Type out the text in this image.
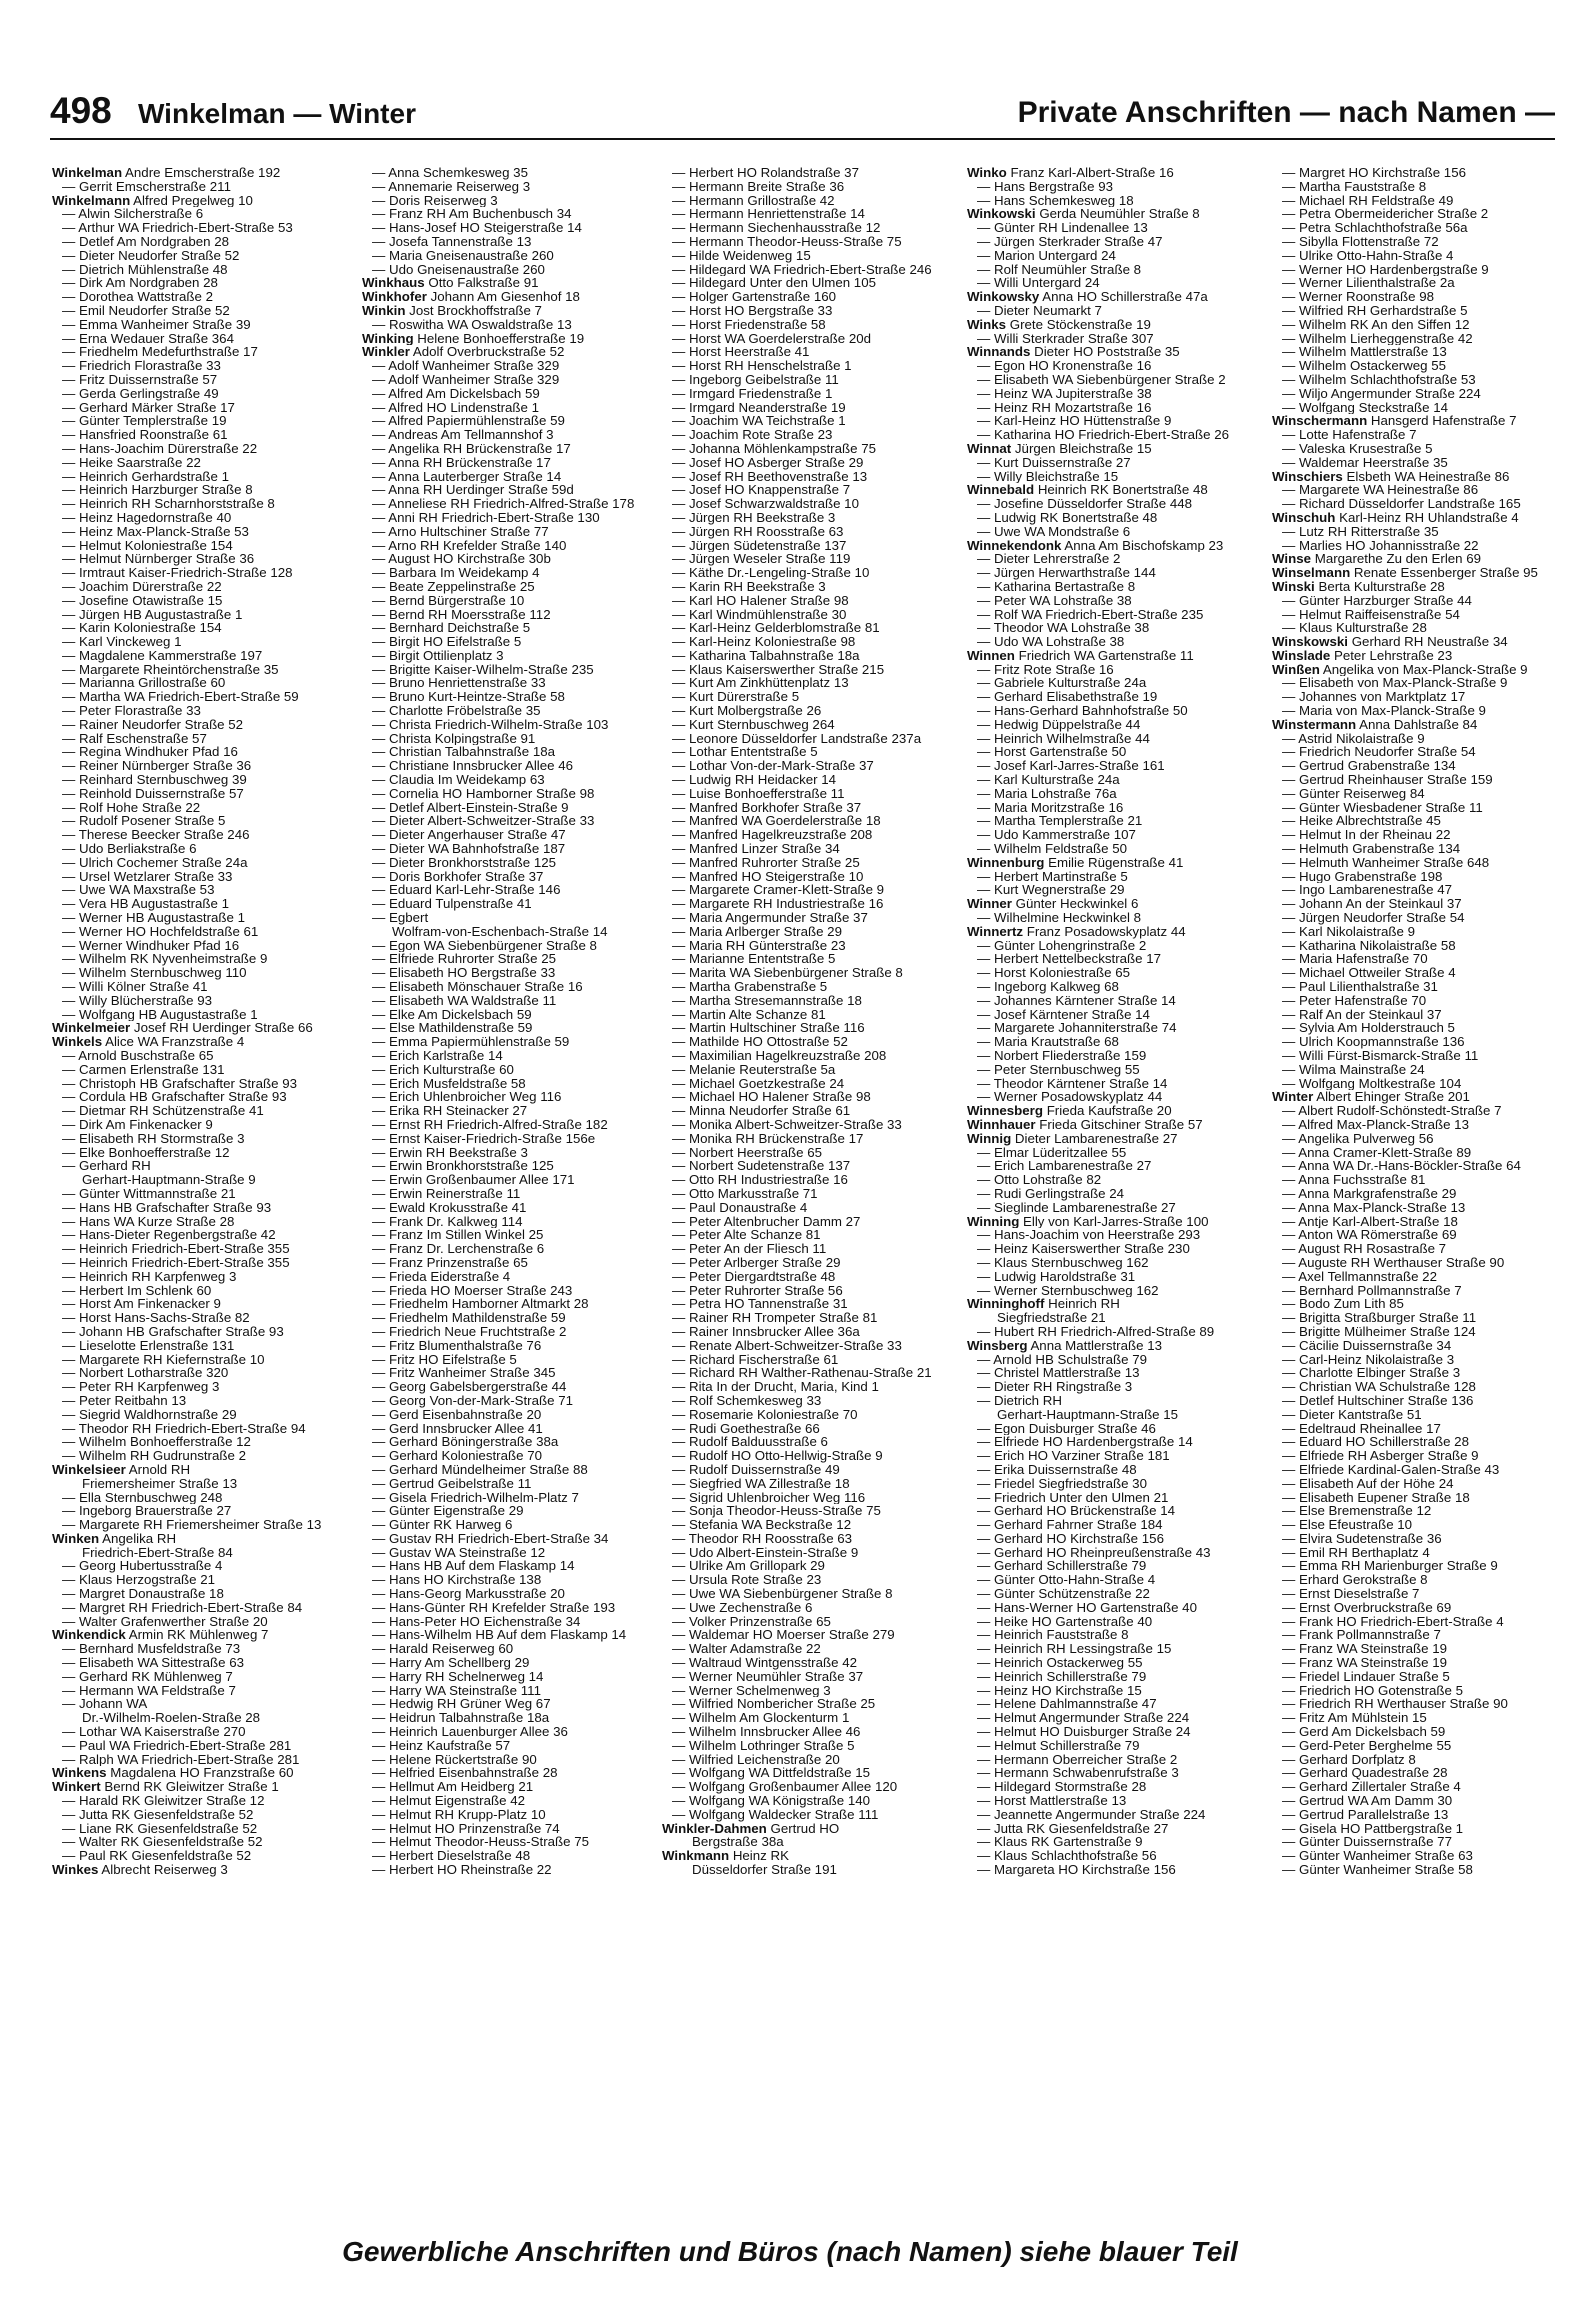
498 Winkelman — Winter	Private Anschriften — nach Namen —
Winkelman Andre Emscherstraße 192
— Gerrit Emscherstraße 211
Winkelmann Alfred Pregelweg 10
— Alwin Silcherstraße 6
— Arthur WA Friedrich-Ebert-Straße 53
— Detlef Am Nordgraben 28
— Dieter Neudorfer Straße 52
— Dietrich Mühlenstraße 48
— Dirk Am Nordgraben 28
— Dorothea Wattstraße 2
— Emil Neudorfer Straße 52
— Emma Wanheimer Straße 39
— Erna Wedauer Straße 364
— Friedhelm Medefurthstraße 17
— Friedrich Florastraße 33
— Fritz Duissernstraße 57
— Gerda Gerlingstraße 49
— Gerhard Märker Straße 17
— Günter Templerstraße 19
— Hansfried Roonstraße 61
— Hans-Joachim Dürerstraße 22
— Heike Saarstraße 22
— Heinrich Gerhardstraße 1
— Heinrich Harzburger Straße 8
— Heinrich RH Scharnhorststraße 8
— Heinz Hagedornstraße 40
— Heinz Max-Planck-Straße 53
— Helmut Koloniestraße 154
— Helmut Nürnberger Straße 36
— Irmtraut Kaiser-Friedrich-Straße 128
— Joachim Dürerstraße 22
— Josefine Otawistraße 15
— Jürgen HB Augustastraße 1
— Karin Koloniestraße 154
— Karl Vinckeweg 1
— Magdalene Kammerstraße 197
— Margarete Rheintörchenstraße 35
— Marianna Grillostraße 60
— Martha WA Friedrich-Ebert-Straße 59
— Peter Florastraße 33
— Rainer Neudorfer Straße 52
— Ralf Eschenstraße 57
— Regina Windhuker Pfad 16
— Reiner Nürnberger Straße 36
— Reinhard Sternbuschweg 39
— Reinhold Duissernstraße 57
— Rolf Hohe Straße 22
— Rudolf Posener Straße 5
— Therese Beecker Straße 246
— Udo Berliakstraße 6
— Ulrich Cochemer Straße 24a
— Ursel Wetzlarer Straße 33
— Uwe WA Maxstraße 53
— Vera HB Augustastraße 1
— Werner HB Augustastraße 1
— Werner HO Hochfeldstraße 61
— Werner Windhuker Pfad 16
— Wilhelm RK Nyvenheimstraße 9
— Wilhelm Sternbuschweg 110
— Willi Kölner Straße 41
— Willy Blücherstraße 93
— Wolfgang HB Augustastraße 1
Winkelmeier Josef RH Uerdinger Straße 66
Winkels Alice WA Franzstraße 4
— Arnold Buschstraße 65
— Carmen Erlenstraße 131
— Christoph HB Grafschafter Straße 93
— Cordula HB Grafschafter Straße 93
— Dietmar RH Schützenstraße 41
— Dirk Am Finkenacker 9
— Elisabeth RH Stormstraße 3
— Elke Bonhoefferstraße 12
— Gerhard RH
Gerhart-Hauptmann-Straße 9
— Günter Wittmannstraße 21
— Hans HB Grafschafter Straße 93
— Hans WA Kurze Straße 28
— Hans-Dieter Regenbergstraße 42
— Heinrich Friedrich-Ebert-Straße 355
— Heinrich Friedrich-Ebert-Straße 355
— Heinrich RH Karpfenweg 3
— Herbert Im Schlenk 60
— Horst Am Finkenacker 9
— Horst Hans-Sachs-Straße 82
— Johann HB Grafschafter Straße 93
— Lieselotte Erlenstraße 131
— Margarete RH Kiefernstraße 10
— Norbert Lotharstraße 320
— Peter RH Karpfenweg 3
— Peter Reitbahn 13
— Siegrid Waldhornstraße 29
— Theodor RH Friedrich-Ebert-Straße 94
— Wilhelm Bonhoefferstraße 12
— Wilhelm RH Gudrunstraße 2
Winkelsieer Arnold RH
Friemersheimer Straße 13
— Ella Sternbuschweg 248
— Ingeborg Brauerstraße 27
— Margarete RH Friemersheimer Straße 13
Winken Angelika RH
Friedrich-Ebert-Straße 84
— Georg Hubertusstraße 4
— Klaus Herzogstraße 21
— Margret Donaustraße 18
— Margret RH Friedrich-Ebert-Straße 84
— Walter Grafenwerther Straße 20
Winkendick Armin RK Mühlenweg 7
— Bernhard Musfeldstraße 73
— Elisabeth WA Sittestraße 63
— Gerhard RK Mühlenweg 7
— Hermann WA Feldstraße 7
— Johann WA
Dr.-Wilhelm-Roelen-Straße 28
— Lothar WA Kaiserstraße 270
— Paul WA Friedrich-Ebert-Straße 281
— Ralph WA Friedrich-Ebert-Straße 281
Winkens Magdalena HO Franzstraße 60
Winkert Bernd RK Gleiwitzer Straße 1
— Harald RK Gleiwitzer Straße 12
— Jutta RK Giesenfeldstraße 52
— Liane RK Giesenfeldstraße 52
— Walter RK Giesenfeldstraße 52
— Paul RK Giesenfeldstraße 52
Winkes Albrecht Reiserweg 3
— Anna Schemkesweg 35
— Annemarie Reiserweg 3
— Doris Reiserweg 3
— Franz RH Am Buchenbusch 34
— Hans-Josef HO Steigerstraße 14
— Josefa Tannenstraße 13
— Maria Gneisenaustraße 260
— Udo Gneisenaustraße 260
Winkhaus Otto Falkstraße 91
Winkhofer Johann Am Giesenhof 18
Winkin Jost Brockhoffstraße 7
— Roswitha WA Oswaldstraße 13
Winking Helene Bonhoefferstraße 19
Winkler Adolf Overbruckstraße 52
— Adolf Wanheimer Straße 329
— Adolf Wanheimer Straße 329
— Alfred Am Dickelsbach 59
— Alfred HO Lindenstraße 1
— Alfred Papiermühlenstraße 59
— Andreas Am Tellmannshof 3
— Angelika RH Brückenstraße 17
— Anna RH Brückenstraße 17
— Anna Lauterberger Straße 14
— Anna RH Uerdinger Straße 59d
— Anneliese RH Friedrich-Alfred-Straße 178
— Anni RH Friedrich-Ebert-Straße 130
— Arno Hultschiner Straße 77
— Arno RH Krefelder Straße 140
— August HO Kirchstraße 30b
— Barbara Im Weidekamp 4
— Beate Zeppelinstraße 25
— Bernd Bürgerstraße 10
— Bernd RH Moersstraße 112
— Bernhard Deichstraße 5
— Birgit HO Eifelstraße 5
— Birgit Ottilienplatz 3
— Brigitte Kaiser-Wilhelm-Straße 235
— Bruno Henriettenstraße 33
— Bruno Kurt-Heintze-Straße 58
— Charlotte Fröbelstraße 35
— Christa Friedrich-Wilhelm-Straße 103
— Christa Kolpingstraße 91
— Christian Talbahnstraße 18a
— Christiane Innsbrucker Allee 46
— Claudia Im Weidekamp 63
— Cornelia HO Hamborner Straße 98
— Detlef Albert-Einstein-Straße 9
— Dieter Albert-Schweitzer-Straße 33
— Dieter Angerhauser Straße 47
— Dieter WA Bahnhofstraße 187
— Dieter Bronkhorststraße 125
— Doris Borkhofer Straße 37
— Eduard Karl-Lehr-Straße 146
— Eduard Tulpenstraße 41
— Egbert
Wolfram-von-Eschenbach-Straße 14
— Egon WA Siebenbürgener Straße 8
— Elfriede Ruhrorter Straße 25
— Elisabeth HO Bergstraße 33
— Elisabeth Mönschauer Straße 16
— Elisabeth WA Waldstraße 11
— Elke Am Dickelsbach 59
— Else Mathildenstraße 59
— Emma Papiermühlenstraße 59
— Erich Karlstraße 14
— Erich Kulturstraße 60
— Erich Musfeldstraße 58
— Erich Uhlenbroicher Weg 116
— Erika RH Steinacker 27
— Ernst RH Friedrich-Alfred-Straße 182
— Ernst Kaiser-Friedrich-Straße 156e
— Erwin RH Beekstraße 3
— Erwin Bronkhorststraße 125
— Erwin Großenbaumer Allee 171
— Erwin Reinerstraße 11
— Ewald Krokusstraße 41
— Frank Dr. Kalkweg 114
— Franz Im Stillen Winkel 25
— Franz Dr. Lerchenstraße 6
— Franz Prinzenstraße 65
— Frieda Eiderstraße 4
— Frieda HO Moerser Straße 243
— Friedhelm Hamborner Altmarkt 28
— Friedhelm Mathildenstraße 59
— Friedrich Neue Fruchtstraße 2
— Fritz Blumenthalstraße 76
— Fritz HO Eifelstraße 5
— Fritz Wanheimer Straße 345
— Georg Gabelsbergerstraße 44
— Georg Von-der-Mark-Straße 71
— Gerd Eisenbahnstraße 20
— Gerd Innsbrucker Allee 41
— Gerhard Böningerstraße 38a
— Gerhard Koloniestraße 70
— Gerhard Mündelheimer Straße 88
— Gertrud Geibelstraße 11
— Gisela Friedrich-Wilhelm-Platz 7
— Günter Eigenstraße 29
— Günter RK Harweg 6
— Gustav RH Friedrich-Ebert-Straße 34
— Gustav WA Steinstraße 12
— Hans HB Auf dem Flaskamp 14
— Hans HO Kirchstraße 138
— Hans-Georg Markusstraße 20
— Hans-Günter RH Krefelder Straße 193
— Hans-Peter HO Eichenstraße 34
— Hans-Wilhelm HB Auf dem Flaskamp 14
— Harald Reiserweg 60
— Harry Am Schellberg 29
— Harry RH Schelnerweg 14
— Harry WA Steinstraße 111
— Hedwig RH Grüner Weg 67
— Heidrun Talbahnstraße 18a
— Heinrich Lauenburger Allee 36
— Heinz Kaufstraße 57
— Helene Rückertstraße 90
— Helfried Eisenbahnstraße 28
— Hellmut Am Heidberg 21
— Helmut Eigenstraße 42
— Helmut RH Krupp-Platz 10
— Helmut HO Prinzenstraße 74
— Helmut Theodor-Heuss-Straße 75
— Herbert Dieselstraße 48
— Herbert HO Rheinstraße 22
— Herbert HO Rolandstraße 37
— Hermann Breite Straße 36
— Hermann Grillostraße 42
— Hermann Henriettenstraße 14
— Hermann Siechenhausstraße 12
— Hermann Theodor-Heuss-Straße 75
— Hilde Weidenweg 15
— Hildegard WA Friedrich-Ebert-Straße 246
— Hildegard Unter den Ulmen 105
— Holger Gartenstraße 160
— Horst HO Bergstraße 33
— Horst Friedenstraße 58
— Horst WA Goerdelerstraße 20d
— Horst Heerstraße 41
— Horst RH Henschelstraße 1
— Ingeborg Geibelstraße 11
— Irmgard Friedenstraße 1
— Irmgard Neanderstraße 19
— Joachim WA Teichstraße 1
— Joachim Rote Straße 23
— Johanna Möhlenkampstraße 75
— Josef HO Asberger Straße 29
— Josef RH Beethovenstraße 13
— Josef HO Knappenstraße 7
— Josef Schwarzwaldstraße 10
— Jürgen RH Beekstraße 3
— Jürgen RH Roosstraße 63
— Jürgen Südetenstraße 137
— Jürgen Weseler Straße 119
— Käthe Dr.-Lengeling-Straße 10
— Karin RH Beekstraße 3
— Karl HO Halener Straße 98
— Karl Windmühlenstraße 30
— Karl-Heinz Gelderblomstraße 81
— Karl-Heinz Koloniestraße 98
— Katharina Talbahnstraße 18a
— Klaus Kaiserswerther Straße 215
— Kurt Am Zinkhüttenplatz 13
— Kurt Dürerstraße 5
— Kurt Molbergstraße 26
— Kurt Sternbuschweg 264
— Leonore Düsseldorfer Landstraße 237a
— Lothar Ententstraße 5
— Lothar Von-der-Mark-Straße 37
— Ludwig RH Heidacker 14
— Luise Bonhoefferstraße 11
— Manfred Borkhofer Straße 37
— Manfred WA Goerdelerstraße 18
— Manfred Hagelkreuzstraße 208
— Manfred Linzer Straße 34
— Manfred Ruhrorter Straße 25
— Manfred HO Steigerstraße 10
— Margarete Cramer-Klett-Straße 9
— Margarete RH Industriestraße 16
— Maria Angermunder Straße 37
— Maria Arlberger Straße 29
— Maria RH Günterstraße 23
— Marianne Ententstraße 5
— Marita WA Siebenbürgener Straße 8
— Martha Grabenstraße 5
— Martha Stresemannstraße 18
— Martin Alte Schanze 81
— Martin Hultschiner Straße 116
— Mathilde HO Ottostraße 52
— Maximilian Hagelkreuzstraße 208
— Melanie Reuterstraße 5a
— Michael Goetzkestraße 24
— Michael HO Halener Straße 98
— Minna Neudorfer Straße 61
— Monika Albert-Schweitzer-Straße 33
— Monika RH Brückenstraße 17
— Norbert Heerstraße 65
— Norbert Sudetenstraße 137
— Otto RH Industriestraße 16
— Otto Markusstraße 71
— Paul Donaustraße 4
— Peter Altenbrucher Damm 27
— Peter Alte Schanze 81
— Peter An der Fliesch 11
— Peter Arlberger Straße 29
— Peter Diergardtstraße 48
— Peter Ruhrorter Straße 56
— Petra HO Tannenstraße 31
— Rainer RH Trompeter Straße 81
— Rainer Innsbrucker Allee 36a
— Renate Albert-Schweitzer-Straße 33
— Richard Fischerstraße 61
— Richard RH Walther-Rathenau-Straße 21
— Rita In der Drucht, Maria, Kind 1
— Rolf Schemkesweg 33
— Rosemarie Koloniestraße 70
— Rudi Goethestraße 66
— Rudolf Balduusstraße 6
— Rudolf HO Otto-Hellwig-Straße 9
— Rudolf Duissernstraße 49
— Siegfried WA Zillestraße 18
— Sigrid Uhlenbroicher Weg 116
— Sonja Theodor-Heuss-Straße 75
— Stefania WA Beckstraße 12
— Theodor RH Roosstraße 63
— Udo Albert-Einstein-Straße 9
— Ulrike Am Grillopark 29
— Ursula Rote Straße 23
— Uwe WA Siebenbürgener Straße 8
— Uwe Zechenstraße 6
— Volker Prinzenstraße 65
— Waldemar HO Moerser Straße 279
— Walter Adamstraße 22
— Waltraud Wintgensstraße 42
— Werner Neumühler Straße 37
— Werner Schelmenweg 3
— Wilfried Nombericher Straße 25
— Wilhelm Am Glockenturm 1
— Wilhelm Innsbrucker Allee 46
— Wilhelm Lothringer Straße 5
— Wilfried Leichenstraße 20
— Wolfgang WA Dittfeldstraße 15
— Wolfgang Großenbaumer Allee 120
— Wolfgang WA Königstraße 140
— Wolfgang Waldecker Straße 111
Winkler-Dahmen Gertrud HO
Bergstraße 38a
Winkmann Heinz RK
Düsseldorfer Straße 191
Winko Franz Karl-Albert-Straße 16
— Hans Bergstraße 93
— Hans Schemkesweg 18
Winkowski Gerda Neumühler Straße 8
— Günter RH Lindenallee 13
— Jürgen Sterkrader Straße 47
— Marion Untergard 24
— Rolf Neumühler Straße 8
— Willi Untergard 24
Winkowsky Anna HO Schillerstraße 47a
— Dieter Neumarkt 7
Winks Grete Stöckenstraße 19
— Willi Sterkrader Straße 307
Winnands Dieter HO Poststraße 35
— Egon HO Kronenstraße 16
— Elisabeth WA Siebenbürgener Straße 2
— Heinz WA Jupiterstraße 38
— Heinz RH Mozartstraße 16
— Karl-Heinz HO Hüttenstraße 9
— Katharina HO Friedrich-Ebert-Straße 26
Winnat Jürgen Bleichstraße 15
— Kurt Duissernstraße 27
— Willy Bleichstraße 15
Winnebald Heinrich RK Bonertstraße 48
— Josefine Düsseldorfer Straße 448
— Ludwig RK Bonertstraße 48
— Uwe WA Mondstraße 6
Winnekendonk Anna Am Bischofskamp 23
— Dieter Lehrerstraße 2
— Jürgen Herwarthstraße 144
— Katharina Bertastraße 8
— Peter WA Lohstraße 38
— Rolf WA Friedrich-Ebert-Straße 235
— Theodor WA Lohstraße 38
— Udo WA Lohstraße 38
Winnen Friedrich WA Gartenstraße 11
— Fritz Rote Straße 16
— Gabriele Kulturstraße 24a
— Gerhard Elisabethstraße 19
— Hans-Gerhard Bahnhofstraße 50
— Hedwig Düppelstraße 44
— Heinrich Wilhelmstraße 44
— Horst Gartenstraße 50
— Josef Karl-Jarres-Straße 161
— Karl Kulturstraße 24a
— Maria Lohstraße 76a
— Maria Moritzstraße 16
— Martha Templerstraße 21
— Udo Kammerstraße 107
— Wilhelm Feldstraße 50
Winnenburg Emilie Rügenstraße 41
— Herbert Martinstraße 5
— Kurt Wegnerstraße 29
Winner Günter Heckwinkel 6
— Wilhelmine Heckwinkel 8
Winnertz Franz Posadowskyplatz 44
— Günter Lohengrinstraße 2
— Herbert Nettelbeckstraße 17
— Horst Koloniestraße 65
— Ingeborg Kalkweg 68
— Johannes Kärntener Straße 14
— Josef Kärntener Straße 14
— Margarete Johanniterstraße 74
— Maria Krautstraße 68
— Norbert Fliederstraße 159
— Peter Sternbuschweg 55
— Theodor Kärntener Straße 14
— Werner Posadowskyplatz 44
Winnesberg Frieda Kaufstraße 20
Winnhauer Frieda Gitschiner Straße 57
Winnig Dieter Lambarenestraße 27
— Elmar Lüderitzallee 55
— Erich Lambarenestraße 27
— Otto Lohstraße 82
— Rudi Gerlingstraße 24
— Sieglinde Lambarenestraße 27
Winning Elly von Karl-Jarres-Straße 100
— Hans-Joachim von Heerstraße 293
— Heinz Kaiserswerther Straße 230
— Klaus Sternbuschweg 162
— Ludwig Haroldstraße 31
— Werner Sternbuschweg 162
Winninghoff Heinrich RH
Siegfriedstraße 21
— Hubert RH Friedrich-Alfred-Straße 89
Winsberg Anna Mattlerstraße 13
— Arnold HB Schulstraße 79
— Christel Mattlerstraße 13
— Dieter RH Ringstraße 3
— Dietrich RH
Gerhart-Hauptmann-Straße 15
— Egon Duisburger Straße 46
— Elfriede HO Hardenbergstraße 14
— Erich HO Varziner Straße 181
— Erika Duissernstraße 48
— Friedel Siegfriedstraße 30
— Friedrich Unter den Ulmen 21
— Gerhard HO Brückenstraße 14
— Gerhard Fahrner Straße 184
— Gerhard HO Kirchstraße 156
— Gerhard HO Rheinpreußenstraße 43
— Gerhard Schillerstraße 79
— Günter Otto-Hahn-Straße 4
— Günter Schützenstraße 22
— Hans-Werner HO Gartenstraße 40
— Heike HO Gartenstraße 40
— Heinrich Fauststraße 8
— Heinrich RH Lessingstraße 15
— Heinrich Ostackerweg 55
— Heinrich Schillerstraße 79
— Heinz HO Kirchstraße 15
— Helene Dahlmannstraße 47
— Helmut Angermunder Straße 224
— Helmut HO Duisburger Straße 24
— Helmut Schillerstraße 79
— Hermann Oberreicher Straße 2
— Hermann Schwabenrufstraße 3
— Hildegard Stormstraße 28
— Horst Mattlerstraße 13
— Jeannette Angermunder Straße 224
— Jutta RK Giesenfeldstraße 27
— Klaus RK Gartenstraße 9
— Klaus Schlachthofstraße 56
— Margareta HO Kirchstraße 156
— Margret HO Kirchstraße 156
— Martha Fauststraße 8
— Michael RH Feldstraße 49
— Petra Obermeidericher Straße 2
— Petra Schlachthofstraße 56a
— Sibylla Flottenstraße 72
— Ulrike Otto-Hahn-Straße 4
— Werner HO Hardenbergstraße 9
— Werner Lilienthalstraße 2a
— Werner Roonstraße 98
— Wilfried RH Gerhardstraße 5
— Wilhelm RK An den Siffen 12
— Wilhelm Lierheggenstraße 42
— Wilhelm Mattlerstraße 13
— Wilhelm Ostackerweg 55
— Wilhelm Schlachthofstraße 53
— Wiljo Angermunder Straße 224
— Wolfgang Steckstraße 14
Winschermann Hansgerd Hafenstraße 7
— Lotte Hafenstraße 7
— Valeska Krusestraße 5
— Waldemar Heerstraße 35
Winschiers Elsbeth WA Heinestraße 86
— Margarete WA Heinestraße 86
— Richard Düsseldorfer Landstraße 165
Winschuh Karl-Heinz RH Uhlandstraße 4
— Lutz RH Ritterstraße 35
— Marlies HO Johannisstraße 22
Winse Margarethe Zu den Erlen 69
Winselmann Renate Essenberger Straße 95
Winski Berta Kulturstraße 28
— Günter Harzburger Straße 44
— Helmut Raiffeisenstraße 54
— Klaus Kulturstraße 28
Winskowski Gerhard RH Neustraße 34
Winslade Peter Lehrstraße 23
Winßen Angelika von Max-Planck-Straße 9
— Elisabeth von Max-Planck-Straße 9
— Johannes von Marktplatz 17
— Maria von Max-Planck-Straße 9
Winstermann Anna Dahlstraße 84
— Astrid Nikolaistraße 9
— Friedrich Neudorfer Straße 54
— Gertrud Grabenstraße 134
— Gertrud Rheinhauser Straße 159
— Günter Reiserweg 84
— Günter Wiesbadener Straße 11
— Heike Albrechtstraße 45
— Helmut In der Rheinau 22
— Helmuth Grabenstraße 134
— Helmuth Wanheimer Straße 648
— Hugo Grabenstraße 198
— Ingo Lambarenestraße 47
— Johann An der Steinkaul 37
— Jürgen Neudorfer Straße 54
— Karl Nikolaistraße 9
— Katharina Nikolaistraße 58
— Maria Hafenstraße 70
— Michael Ottweiler Straße 4
— Paul Lilienthalstraße 31
— Peter Hafenstraße 70
— Ralf An der Steinkaul 37
— Sylvia Am Holderstrauch 5
— Ulrich Koopmannstraße 136
— Willi Fürst-Bismarck-Straße 11
— Wilma Mainstraße 24
— Wolfgang Moltkestraße 104
Winter Albert Ehinger Straße 201
— Albert Rudolf-Schönstedt-Straße 7
— Alfred Max-Planck-Straße 13
— Angelika Pulverweg 56
— Anna Cramer-Klett-Straße 89
— Anna WA Dr.-Hans-Böckler-Straße 64
— Anna Fuchsstraße 81
— Anna Markgrafenstraße 29
— Anna Max-Planck-Straße 13
— Antje Karl-Albert-Straße 18
— Anton WA Römerstraße 69
— August RH Rosastraße 7
— Auguste RH Werthauser Straße 90
— Axel Tellmannstraße 22
— Bernhard Pollmannstraße 7
— Bodo Zum Lith 85
— Brigitta Straßburger Straße 11
— Brigitte Mülheimer Straße 124
— Cäcilie Duissernstraße 34
— Carl-Heinz Nikolaistraße 3
— Charlotte Elbinger Straße 3
— Christian WA Schulstraße 128
— Detlef Hultschiner Straße 136
— Dieter Kantstraße 51
— Edeltraud Rheinallee 17
— Eduard HO Schillerstraße 28
— Elfriede RH Asberger Straße 9
— Elfriede Kardinal-Galen-Straße 43
— Elisabeth Auf der Höhe 24
— Elisabeth Eupener Straße 18
— Else Bremenstraße 12
— Else Efeustraße 10
— Elvira Sudetenstraße 36
— Emil RH Berthaplatz 4
— Emma RH Marienburger Straße 9
— Erhard Gerokstraße 8
— Ernst Dieselstraße 7
— Ernst Overbruckstraße 69
— Frank HO Friedrich-Ebert-Straße 4
— Frank Pollmannstraße 7
— Franz WA Steinstraße 19
— Franz WA Steinstraße 19
— Friedel Lindauer Straße 5
— Friedrich HO Gotenstraße 5
— Friedrich RH Werthauser Straße 90
— Fritz Am Mühlstein 15
— Gerd Am Dickelsbach 59
— Gerd-Peter Berghelme 55
— Gerhard Dorfplatz 8
— Gerhard Quadestraße 28
— Gerhard Zillertaler Straße 4
— Gertrud WA Am Damm 30
— Gertrud Parallelstraße 13
— Gisela HO Pattbergstraße 1
— Günter Duissernstraße 77
— Günter Wanheimer Straße 63
— Günter Wanheimer Straße 58
Gewerbliche Anschriften und Büros (nach Namen) siehe blauer Teil
